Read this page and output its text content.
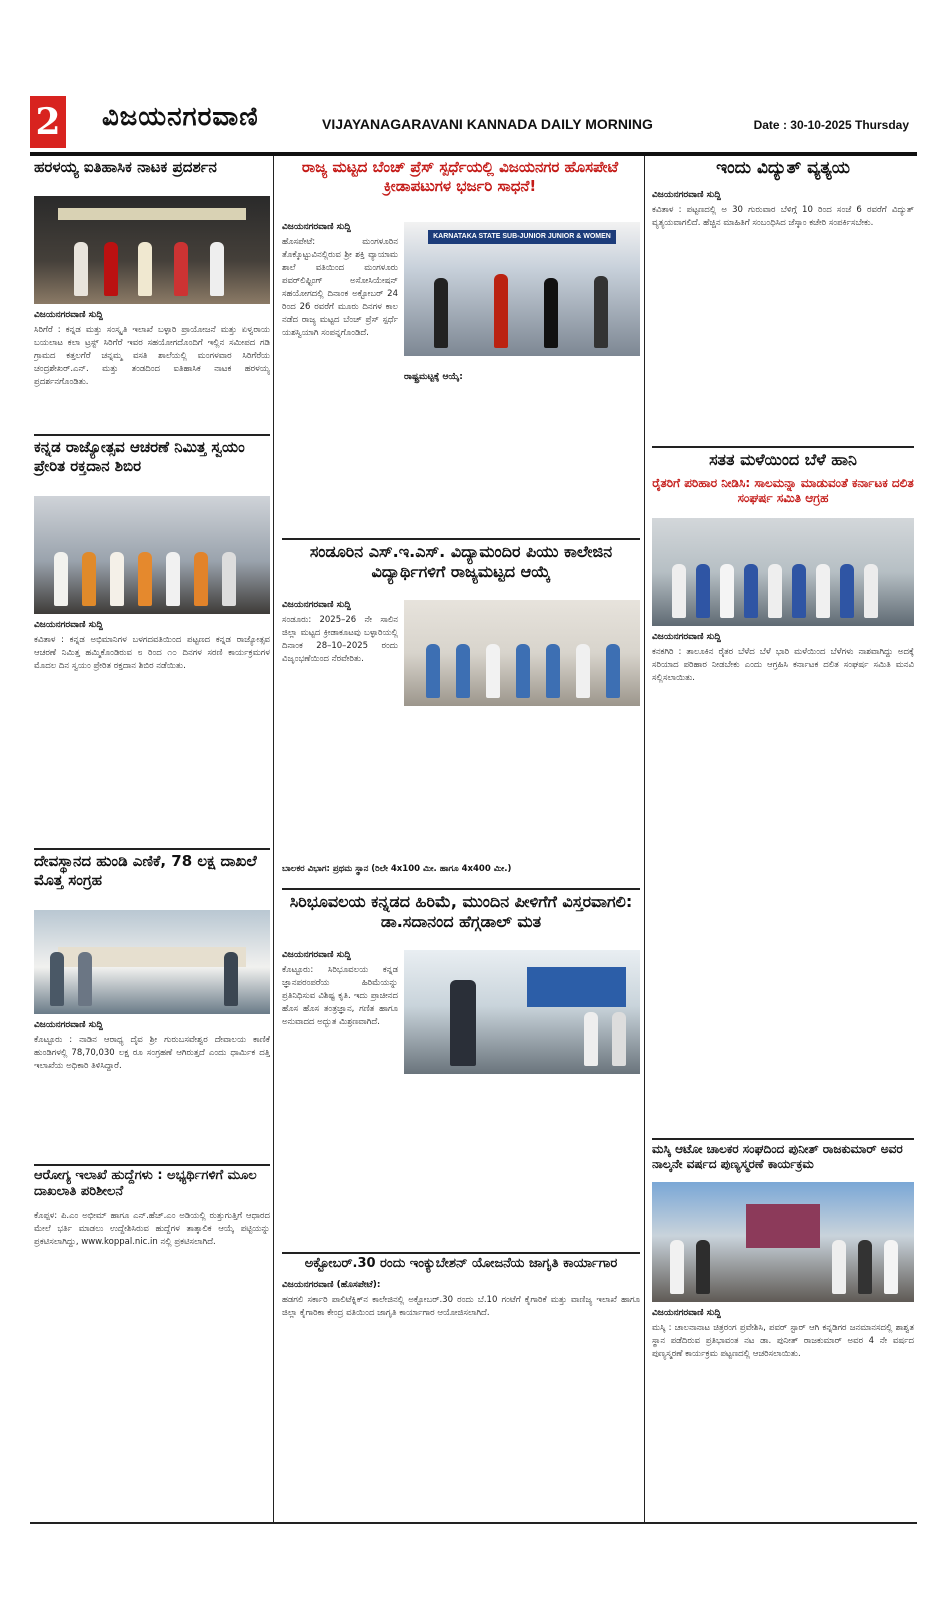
2 ವಿಜಯನಗರವಾಣಿ	VIJAYANAGARAVANI KANNADA DAILY MORNING	Date : 30-10-2025 Thursday
ಹರಳಯ್ಯ ಐತಿಹಾಸಿಕ ನಾಟಕ ಪ್ರದರ್ಶನ
ವಿಜಯನಗರವಾಣಿ ಸುದ್ದಿ
ಸಿರಿಗೆರೆ : ಕನ್ನಡ ಮತ್ತು ಸಂಸ್ಕೃತಿ ಇಲಾಖೆ ಬಳ್ಳಾರಿ ಪ್ರಾಯೋಜನೆ ಮತ್ತು ಏಳ್ವರಾಯ ಬಯಲಾಟ ಕಲಾ ಟ್ರಸ್ಟ್ ಸಿರಿಗೆರೆ ಇವರ ಸಹಯೋಗದೊಂದಿಗೆ ಇಲ್ಲಿನ ಸಮೀಪದ ಗಡಿ ಗ್ರಾಮದ ಕತ್ತಲಗೆರೆ ಚನ್ನಮ್ಮ ವಸತಿ ಶಾಲೆಯಲ್ಲಿ ಮಂಗಳವಾರ ಸಿರಿಗೆರೆಯ ಚಂದ್ರಶೇಖರ್.ಎನ್. ಮತ್ತು ತಂಡದಿಂದ ಐತಿಹಾಸಿಕ ನಾಟಕ ಹರಳಯ್ಯ ಪ್ರದರ್ಶನಗೊಂಡಿತು.
ಕನ್ನಡ ರಾಜ್ಯೋತ್ಸವ ಆಚರಣೆ ನಿಮಿತ್ತ ಸ್ವಯಂ ಪ್ರೇರಿತ ರಕ್ತದಾನ ಶಿಬಿರ
ವಿಜಯನಗರವಾಣಿ ಸುದ್ದಿ
ಕವಿತಾಳ : ಕನ್ನಡ ಅಭಿಮಾನಿಗಳ ಬಳಗದವತಿಯಿಂದ ಪಟ್ಟಣದ ಕನ್ನಡ ರಾಜ್ಯೋತ್ಸವ ಆಚರಣೆ ನಿಮಿತ್ತ ಹಮ್ಮಿಕೊಂಡಿರುವ ೮ ರಿಂದ ೧೦ ದಿನಗಳ ಸರಣಿ ಕಾರ್ಯಕ್ರಮಗಳ ಮೊದಲ ದಿನ ಸ್ವಯಂ ಪ್ರೇರಿತ ರಕ್ತದಾನ ಶಿಬಿರ ನಡೆಯಿತು.
ದೇವಸ್ಥಾನದ ಹುಂಡಿ ಎಣಿಕೆ, 78 ಲಕ್ಷ ದಾಖಲೆ ಮೊತ್ತ ಸಂಗ್ರಹ
ವಿಜಯನಗರವಾಣಿ ಸುದ್ದಿ
ಕೊಟ್ಟೂರು : ನಾಡಿನ ಆರಾಧ್ಯ ದೈವ ಶ್ರೀ ಗುರುಬಸವೇಶ್ವರ ದೇವಾಲಯ ಕಾಣಿಕೆ ಹುಂಡಿಗಳಲ್ಲಿ 78,70,030 ಲಕ್ಷ ರೂ ಸಂಗ್ರಹಣೆ ಆಗಿರುತ್ತದೆ ಎಂದು ಧಾರ್ಮಿಕ ದತ್ತಿ ಇಲಾಖೆಯ ಅಧಿಕಾರಿ ತಿಳಿಸಿದ್ದಾರೆ.
ಆರೋಗ್ಯ ಇಲಾಖೆ ಹುದ್ದೆಗಳು : ಅಭ್ಯರ್ಥಿಗಳಿಗೆ ಮೂಲ ದಾಖಲಾತಿ ಪರಿಶೀಲನೆ
ಕೊಪ್ಪಳ: ಪಿ.ಎಂ ಅಭೀಮ್ ಹಾಗೂ ಎನ್.ಹೆಚ್.ಎಂ ಅಡಿಯಲ್ಲಿ ರುತ್ತುಗುತ್ತಿಗೆ ಆಧಾರದ ಮೇಲೆ ಭರ್ತಿ ಮಾಡಲು ಉದ್ದೇಶಿಸಿರುವ ಹುದ್ದೆಗಳ ತಾತ್ಕಾಲಿಕ ಆಯ್ಕೆ ಪಟ್ಟಿಯನ್ನು ಪ್ರಕಟಿಸಲಾಗಿದ್ದು, www.koppal.nic.in ನಲ್ಲಿ ಪ್ರಕಟಿಸಲಾಗಿದೆ.
ರಾಜ್ಯ ಮಟ್ಟದ ಬೆಂಚ್ ಪ್ರೆಸ್ ಸ್ಪರ್ಧೆಯಲ್ಲಿ ವಿಜಯನಗರ ಹೊಸಪೇಟೆ ಕ್ರೀಡಾಪಟುಗಳ ಭರ್ಜರಿ ಸಾಧನೆ!
ವಿಜಯನಗರವಾಣಿ ಸುದ್ದಿ
ಹೊಸಪೇಟೆ: ಮಂಗಳೂರಿನ ತೊಕ್ಕೊಟ್ಟುವಿನಲ್ಲಿರುವ ಶ್ರೀ ಶಕ್ತಿ ವ್ಯಾಯಾಮ ಶಾಲೆ ವತಿಯಿಂದ ಮಂಗಳೂರು ಪವರ್‌ಲಿಫ್ಟಿಂಗ್ ಅಸೋಸಿಯೇಷನ್ ಸಹಯೋಗದಲ್ಲಿ ದಿನಾಂಕ ಅಕ್ಟೋಬರ್ 24 ರಿಂದ 26 ರವರೆಗೆ ಮೂರು ದಿನಗಳ ಕಾಲ ನಡೆದ ರಾಜ್ಯ ಮಟ್ಟದ ಬೆಂಚ್ ಪ್ರೆಸ್ ಸ್ಪರ್ಧೆ ಯಶಸ್ವಿಯಾಗಿ ಸಂಪನ್ನಗೊಂಡಿದೆ.
KARNATAKA STATE SUB-JUNIOR JUNIOR & WOMEN
ರಾಷ್ಟ್ರಮಟ್ಟಕ್ಕೆ ಆಯ್ಕೆ:
ಸಂಡೂರಿನ ಎಸ್.ಇ.ಎಸ್. ವಿದ್ಯಾಮಂದಿರ ಪಿಯು ಕಾಲೇಜಿನ ವಿದ್ಯಾರ್ಥಿಗಳಿಗೆ ರಾಜ್ಯಮಟ್ಟದ ಆಯ್ಕೆ
ವಿಜಯನಗರವಾಣಿ ಸುದ್ದಿ
ಸಂಡೂರು: 2025–26 ನೇ ಸಾಲಿನ ಜಿಲ್ಲಾ ಮಟ್ಟದ ಕ್ರೀಡಾಕೂಟವು ಬಳ್ಳಾರಿಯಲ್ಲಿ ದಿನಾಂಕ 28–10–2025 ರಂದು ವಿಜೃಂಭಣೆಯಿಂದ ನೆರವೇರಿತು.
ಬಾಲಕರ ವಿಭಾಗ: ಪ್ರಥಮ ಸ್ಥಾನ (ರಿಲೇ 4x100 ಮೀ. ಹಾಗೂ 4x400 ಮೀ.)
ಸಿರಿಭೂವಲಯ ಕನ್ನಡದ ಹಿರಿಮೆ, ಮುಂದಿನ ಪೀಳಿಗೆಗೆ ವಿಸ್ತರವಾಗಲಿ: ಡಾ.ಸದಾನಂದ ಹೆಗ್ಗಡಾಲ್ ಮತ
ವಿಜಯನಗರವಾಣಿ ಸುದ್ದಿ
ಕೊಟ್ಟೂರು: ಸಿರಿಭೂವಲಯ ಕನ್ನಡ ಜ್ಞಾನಪರಂಪರೆಯ ಹಿರಿಮೆಯನ್ನು ಪ್ರತಿನಿಧಿಸುವ ವಿಶಿಷ್ಟ ಕೃತಿ. ಇದು ಪ್ರಾಚೀನದ ಹೊಸ ಹೊಸ ತಂತ್ರಜ್ಞಾನ, ಗಣಿತ ಹಾಗೂ ಅನುವಾದದ ಅದ್ಭುತ ಮಿಶ್ರಣವಾಗಿದೆ.
ಅಕ್ಟೋಬರ್.30 ರಂದು ಇಂಕ್ಯುಬೇಶನ್ ಯೋಜನೆಯ ಜಾಗೃತಿ ಕಾರ್ಯಾಗಾರ
ವಿಜಯನಗರವಾಣಿ (ಹೊಸಪೇಟೆ):
ಹಡಗಲಿ ಸರ್ಕಾರಿ ಪಾಲಿಟೆಕ್ನಿಕ್‌ನ ಕಾಲೇಜಿನಲ್ಲಿ ಅಕ್ಟೋಬರ್.30 ರಂದು ಬೆ.10 ಗಂಟೆಗೆ ಕೈಗಾರಿಕೆ ಮತ್ತು ವಾಣಿಜ್ಯ ಇಲಾಖೆ ಹಾಗೂ ಜಿಲ್ಲಾ ಕೈಗಾರಿಕಾ ಕೇಂದ್ರ ವತಿಯಿಂದ ಜಾಗೃತಿ ಕಾರ್ಯಾಗಾರ ಆಯೋಜಿಸಲಾಗಿದೆ.
ಇಂದು ವಿದ್ಯುತ್ ವ್ಯತ್ಯಯ
ವಿಜಯನಗರವಾಣಿ ಸುದ್ದಿ
ಕವಿತಾಳ : ಪಟ್ಟಣದಲ್ಲಿ ಅ 30 ಗುರುವಾರ ಬೆಳಿಗ್ಗೆ 10 ರಿಂದ ಸಂಜೆ 6 ರವರೆಗೆ ವಿದ್ಯುತ್ ವ್ಯತ್ಯಯವಾಗಲಿದೆ. ಹೆಚ್ಚಿನ ಮಾಹಿತಿಗೆ ಸಂಬಂಧಿಸಿದ ಜೆಸ್ಕಾಂ ಕಚೇರಿ ಸಂಪರ್ಕಿಸಬೇಕು.
ಸತತ ಮಳೆಯಿಂದ ಬೆಳೆ ಹಾನಿ
ರೈತರಿಗೆ ಪರಿಹಾರ ನೀಡಿಸಿ: ಸಾಲಮನ್ನಾ ಮಾಡುವಂತೆ ಕರ್ನಾಟಕ ದಲಿತ ಸಂಘರ್ಷ ಸಮಿತಿ ಆಗ್ರಹ
ವಿಜಯನಗರವಾಣಿ ಸುದ್ದಿ
ಕನಕಗಿರಿ : ತಾಲೂಕಿನ ರೈತರ ಬೆಳೆದ ಬೆಳೆ ಭಾರಿ ಮಳೆಯಿಂದ ಬೆಳೆಗಳು ನಾಶವಾಗಿದ್ದು ಅದಕ್ಕೆ ಸರಿಯಾದ ಪರಿಹಾರ ನೀಡಬೇಕು ಎಂದು ಆಗ್ರಹಿಸಿ ಕರ್ನಾಟಕ ದಲಿತ ಸಂಘರ್ಷ ಸಮಿತಿ ಮನವಿ ಸಲ್ಲಿಸಲಾಯಿತು.
ಮಸ್ಕಿ ಆಟೋ ಚಾಲಕರ ಸಂಘದಿಂದ ಪುನೀತ್ ರಾಜಕುಮಾರ್ ಅವರ ನಾಲ್ಕನೇ ವರ್ಷದ ಪುಣ್ಯಸ್ಮರಣೆ ಕಾರ್ಯಕ್ರಮ
ವಿಜಯನಗರವಾಣಿ ಸುದ್ದಿ
ಮಸ್ಕಿ : ಚಾಲನಾನಾಟ ಚಿತ್ರರಂಗ ಪ್ರವೇಶಿಸಿ, ಪವರ್ ಸ್ಟಾರ್ ಆಗಿ ಕನ್ನಡಿಗರ ಜನಮಾನಸದಲ್ಲಿ ಶಾಶ್ವತ ಸ್ಥಾನ ಪಡೆದಿರುವ ಪ್ರತಿಭಾವಂತ ನಟ ಡಾ. ಪುನೀತ್ ರಾಜಕುಮಾರ್ ಅವರ 4 ನೇ ವರ್ಷದ ಪುಣ್ಯಸ್ಮರಣೆ ಕಾರ್ಯಕ್ರಮ ಪಟ್ಟಣದಲ್ಲಿ ಆಚರಿಸಲಾಯಿತು.
